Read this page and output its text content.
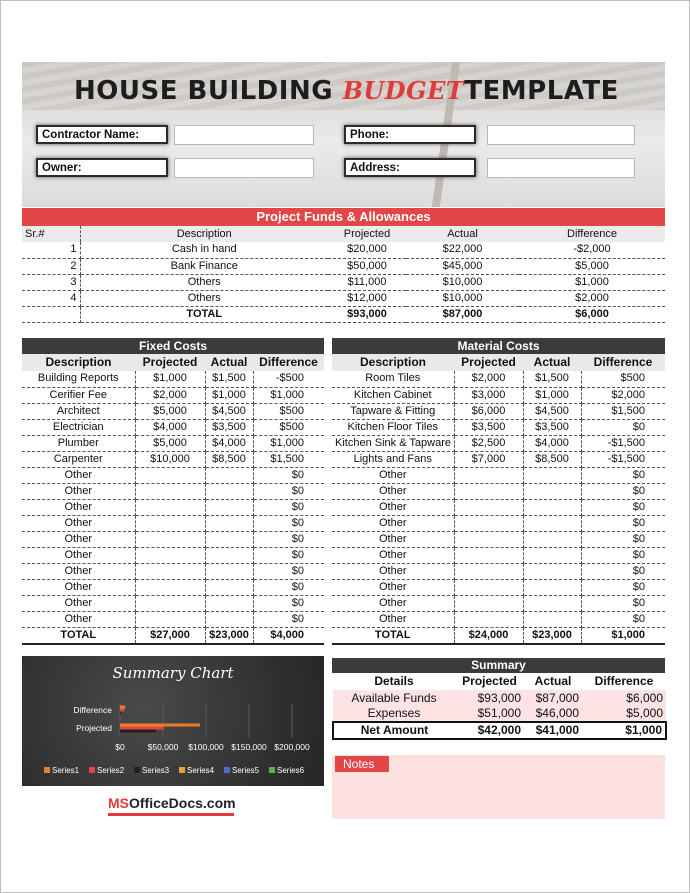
HOUSE BUILDING BUDGETTEMPLATE
Contractor Name:	Phone:
Owner:	Address:
Project Funds & Allowances
Sr.#	Description	Projected	Actual	Difference
1	Cash in hand	$20,000	$22,000	-$2,000
2	Bank Finance	$50,000	$45,000	$5,000
3	Others	$11,000	$10,000	$1,000
4	Others	$12,000	$10,000	$2,000
	TOTAL	$93,000	$87,000	$6,000
Fixed Costs
Description	Projected	Actual	Difference
Building Reports	$1,000	$1,500	-$500
Cerifier Fee	$2,000	$1,000	$1,000
Architect	$5,000	$4,500	$500
Electrician	$4,000	$3,500	$500
Plumber	$5,000	$4,000	$1,000
Carpenter	$10,000	$8,500	$1,500
Other			$0
Other			$0
Other			$0
Other			$0
Other			$0
Other			$0
Other			$0
Other			$0
Other			$0
Other			$0
TOTAL	$27,000	$23,000	$4,000
Material Costs
Description	Projected	Actual	Difference
Room Tiles	$2,000	$1,500	$500
Kitchen Cabinet	$3,000	$1,000	$2,000
Tapware & Fitting	$6,000	$4,500	$1,500
Kitchen Floor Tiles	$3,500	$3,500	$0
Kitchen Sink & Tapware	$2,500	$4,000	-$1,500
Lights and Fans	$7,000	$8,500	-$1,500
Other			$0
Other			$0
Other			$0
Other			$0
Other			$0
Other			$0
Other			$0
Other			$0
Other			$0
Other			$0
TOTAL	$24,000	$23,000	$1,000
Summary Chart
$0	$50,000 $100,000 $150,000 $200,000
Projected
Difference
Series1 Series2 Series3 Series4 Series5 Series6
MSOfficeDocs.com
Summary
Details	Projected	Actual	Difference
Available Funds	$93,000	$87,000	$6,000
Expenses	$51,000	$46,000	$5,000
Net Amount	$42,000	$41,000	$1,000
Notes
